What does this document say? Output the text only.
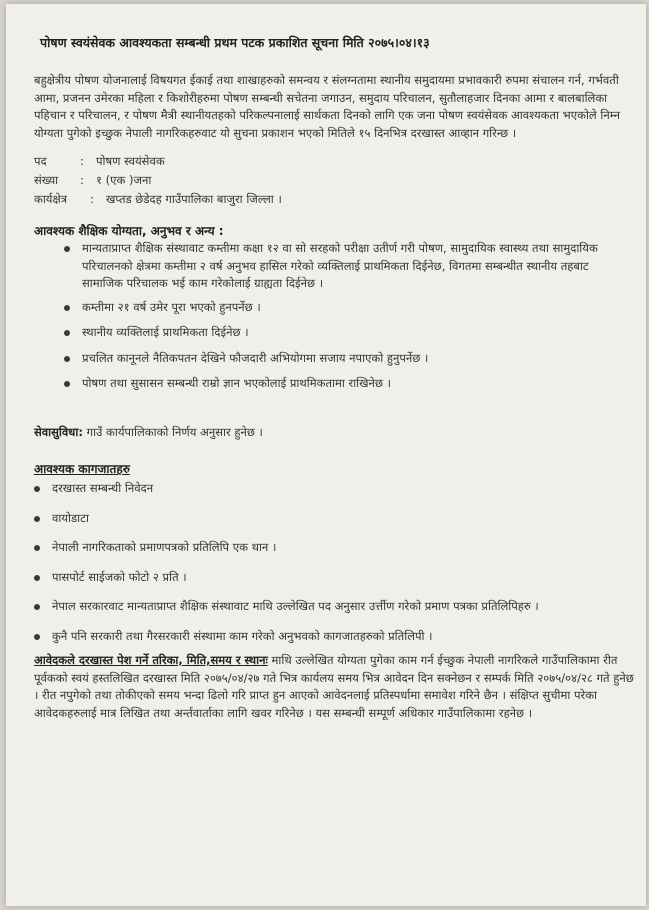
पोषण स्वयंसेवक आवश्यकता सम्बन्धी प्रथम पटक प्रकाशित सूचना मिति २०७५।०४।१३
बहुक्षेत्रीय पोषण योजनालाई विषयगत ईकाई तथा शाखाहरुको समन्वय र संलग्नतामा स्थानीय समुदायमा प्रभावकारी रुपमा संचालन गर्न, गर्भवती आमा, प्रजनन उमेरका महिला र किशोरीहरुमा पोषण सम्बन्धी सचेतना जगाउन, समुदाय परिचालन, सुतौलाहजार दिनका आमा र बालबालिका पहिचान र परिचालन, र पोषण मैत्री स्थानीयतहको परिकल्पनालाई सार्थकता दिनको लागि एक जना पोषण स्वयंसेवक आवश्यकता भएकोले निम्न योग्यता पुगेको इच्छुक नेपाली नागरिकहरुवाट यो सुचना प्रकाशन भएको मितिले १५ दिनभित्र दरखास्त आव्हान गरिन्छ ।
पद	: पोषण स्वयंसेवक
संख्या : १ (एक )जना
कार्यक्षेत्र : खप्तड छेडेदह गाउँपालिका बाजुरा जिल्ला ।
आवश्यक शैक्षिक योग्यता, अनुभव र अन्य :
मान्यताप्राप्त शैक्षिक संस्थावाट कम्तीमा कक्षा १२ वा सो सरहको परीक्षा उतीर्ण गरी पोषण, सामुदायिक स्वास्थ्य तथा सामुदायिक परिचालनको क्षेत्रमा कम्तीमा २ वर्ष अनुभव हासिल गरेको व्यक्तिलाई प्राथमिकता दिईनेछ, विगतमा सम्बन्धीत स्थानीय तहबाट सामाजिक परिचालक भई काम गरेकोलाई ग्राह्यता दिईनेछ ।
कम्तीमा २१ वर्ष उमेर पूरा भएको हुनपर्नेछ ।
स्थानीय व्यक्तिलाई प्राथमिकता दिईनेछ ।
प्रचलित कानूनले नैतिकपतन देखिने फौजदारी अभियोगमा सजाय नपाएको हुनुपर्नेछ ।
पोषण तथा सुसासन सम्बन्धी राम्रो ज्ञान भएकोलाई प्राथमिकतामा राखिनेछ ।
सेवासुविधा: गाउँ कार्यपालिकाको निर्णय अनुसार हुनेछ ।
आवश्यक कागजातहरु
दरखास्त सम्बन्धी निवेदन
वायोडाटा
नेपाली नागरिकताको प्रमाणपत्रको प्रतिलिपि एक थान ।
पासपोर्ट साईजको फोटो २ प्रति ।
नेपाल सरकारवाट मान्यताप्राप्त शैक्षिक संस्थावाट माथि उल्लेखित पद अनुसार उर्त्तीण गरेको प्रमाण पत्रका प्रतिलिपिहरु ।
कुनै पनि सरकारी तथा गैरसरकारी संस्थामा काम गरेको अनुभवको कागजातहरुको प्रतिलिपी ।
आवेदकले दरखास्त पेश गर्ने तरिका, मिति,समय र स्थानः माथि उल्लेखित योग्यता पुगेका काम गर्न ईच्छुक नेपाली नागरिकले गाउँपालिकामा रीत पूर्वकको स्वयं हस्तलिखित दरखास्त मिति २०७५/०४/२७ गते भित्र कार्यलय समय भित्र आवेदन दिन सक्नेछन र सम्पर्क मिति २०७५/०४/२८ गते हुनेछ । रीत नपुगेको तथा तोकीएको समय भन्दा ढिलो गरि प्राप्त हुन आएको आवेदनलाई प्रतिस्पर्धामा समावेश गरिने छैन । संक्षिप्त सुचीमा परेका आवेदकहरुलाई मात्र लिखित तथा अर्न्तवार्ताका लागि खवर गरिनेछ । यस सम्बन्धी सम्पूर्ण अधिकार गाउँपालिकामा रहनेछ ।
